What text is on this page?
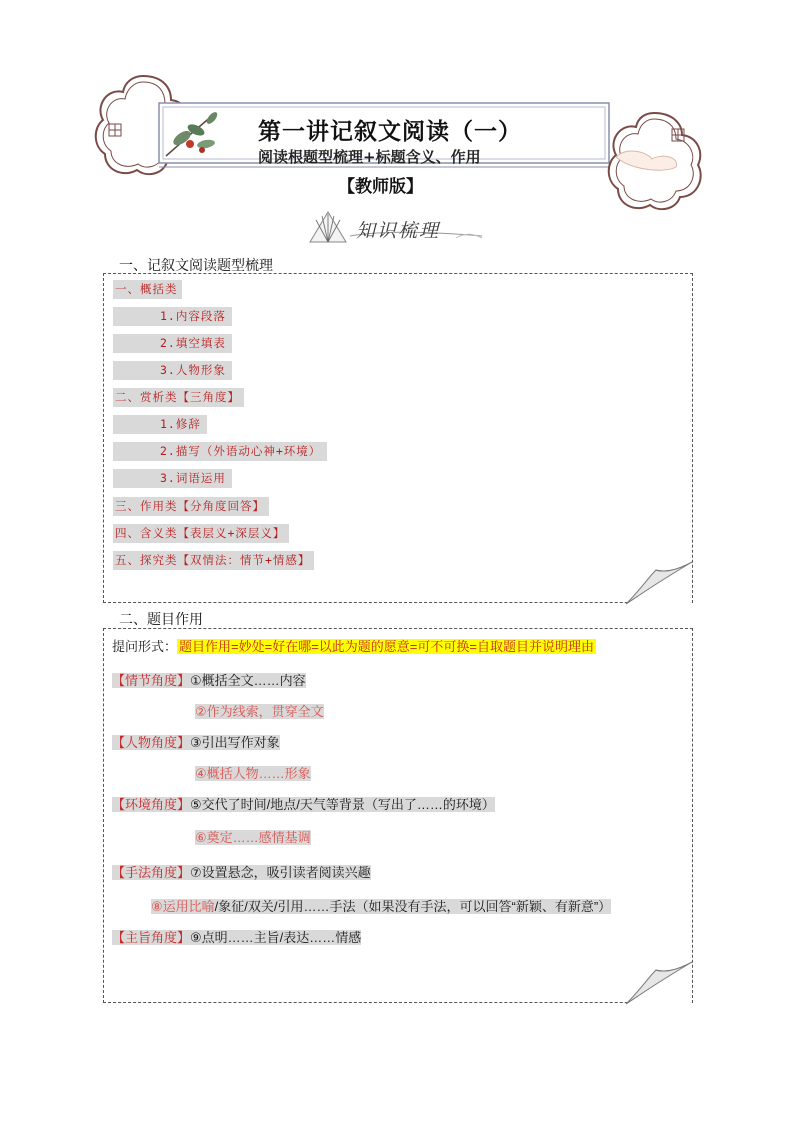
第一讲记叙文阅读（一）
阅读根题型梳理+标题含义、作用
【教师版】
知识梳理
一、记叙文阅读题型梳理
一、概括类
1.内容段落
2.填空填表
3.人物形象
二、赏析类【三角度】
1.修辞
2.描写（外语动心神+环境）
3.词语运用
三、作用类【分角度回答】
四、含义类【表层义+深层义】
五、探究类【双情法：情节+情感】
二、题目作用
提问形式： 题目作用=妙处=好在哪=以此为题的愿意=可不可换=自取题目并说明理由
【情节角度】①概括全文……内容
②作为线索，贯穿全文
【人物角度】③引出写作对象
④概括人物……形象
【环境角度】⑤交代了时间/地点/天气等背景（写出了……的环境）
⑥奠定……感情基调
【手法角度】⑦设置悬念，吸引读者阅读兴趣
⑧运用比喻/象征/双关/引用……手法（如果没有手法，可以回答“新颖、有新意”）
【主旨角度】⑨点明……主旨/表达……情感
